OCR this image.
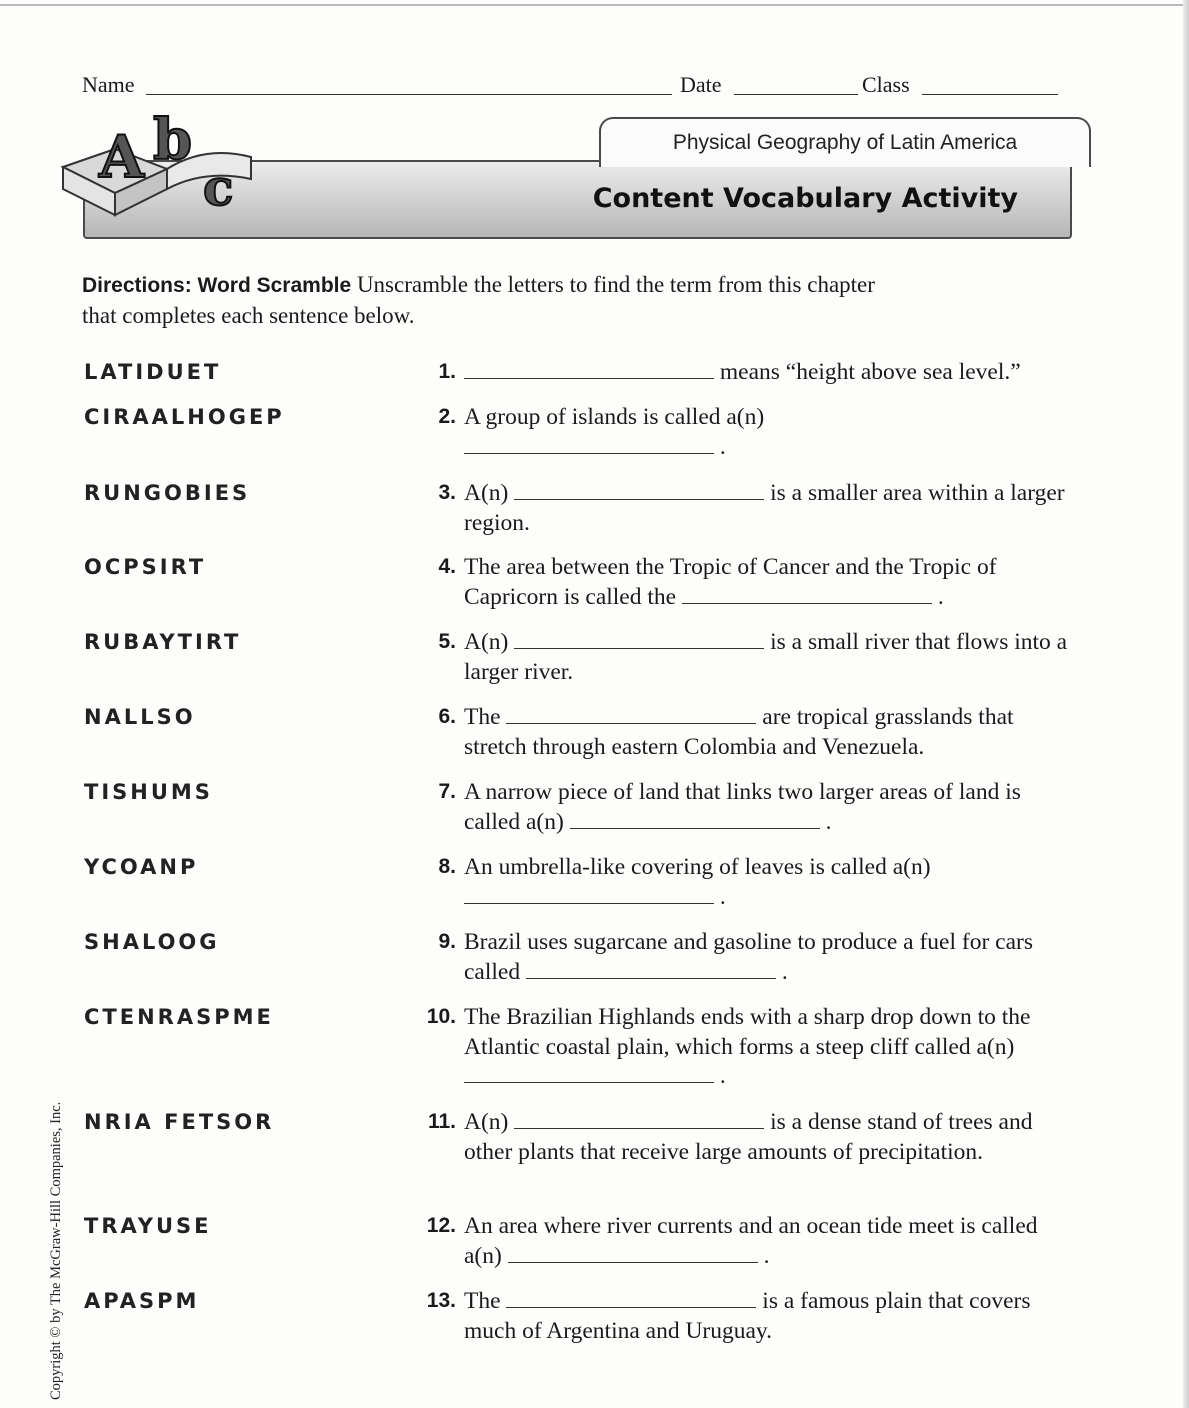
Name	Date	Class
Physical Geography of Latin America
Content Vocabulary Activity
A b
c
Directions: Word Scramble Unscramble the letters to find the term from this chapter that completes each sentence below.
LATIDUET	1.	means “height above sea level.”
CIRAALHOGEP	2. A group of islands is called a(n)
.
RUNGOBIES	3. A(n)	is a smaller area within a larger region.
OCPSIRT	4. The area between the Tropic of Cancer and the Tropic of Capricorn is called the	.
RUBAYTIRT	5. A(n)	is a small river that flows into a larger river.
NALLSO	6. The	are tropical grasslands that stretch through eastern Colombia and Venezuela.
TISHUMS	7. A narrow piece of land that links two larger areas of land is called a(n)	.
YCOANP	8. An umbrella-like covering of leaves is called a(n)
.
SHALOOG	9. Brazil uses sugarcane and gasoline to produce a fuel for cars called	.
CTENRASPME	10. The Brazilian Highlands ends with a sharp drop down to the Atlantic coastal plain, which forms a steep cliff called a(n)  .
NRIA FETSOR	11. A(n)	is a dense stand of trees and other plants that receive large amounts of precipitation.
TRAYUSE	12. An area where river currents and an ocean tide meet is called a(n)	.
APASPM	13. The	is a famous plain that covers much of Argentina and Uruguay.
Copyright © by The McGraw-Hill Companies, Inc.
